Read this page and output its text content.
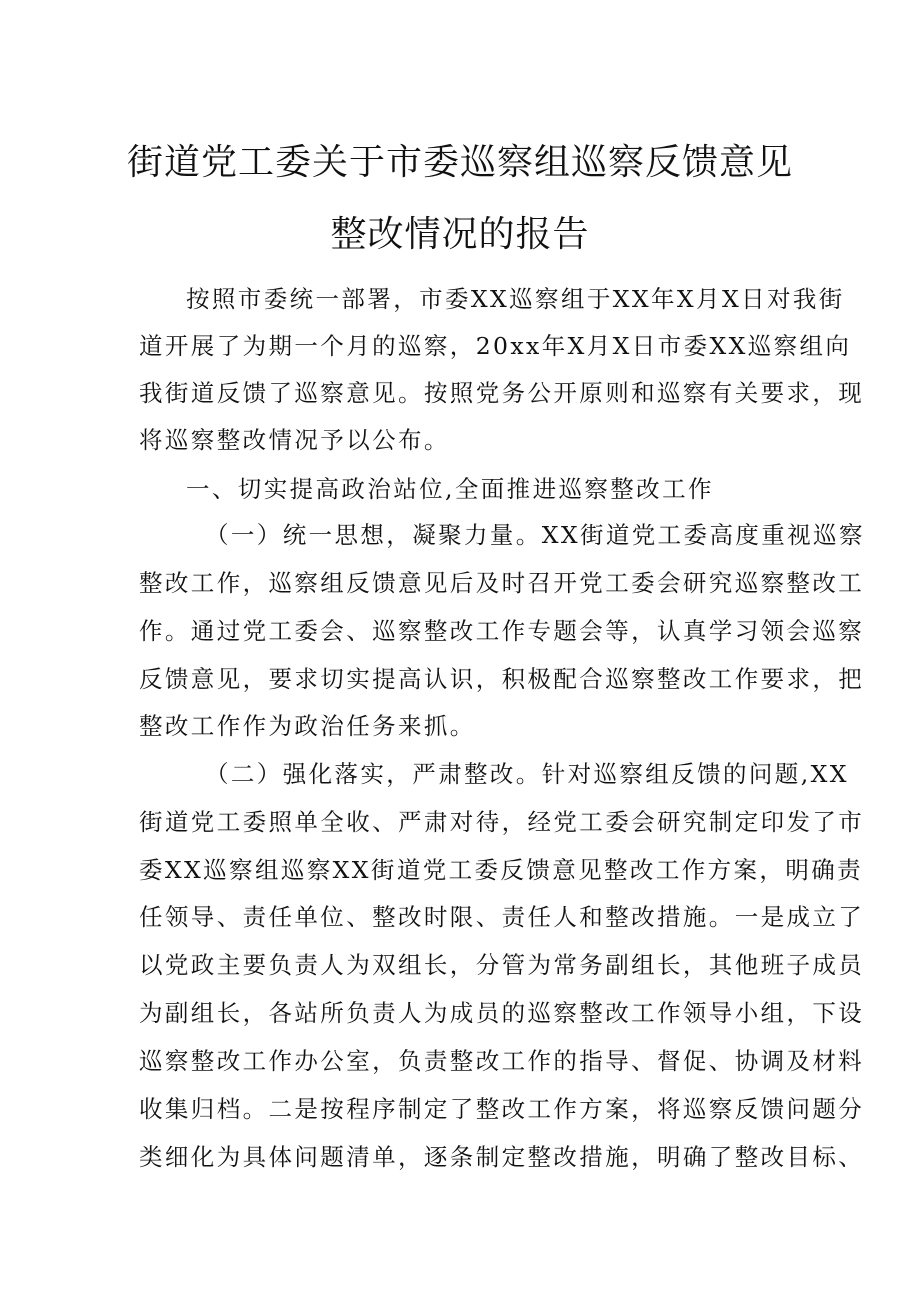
街道党工委关于市委巡察组巡察反馈意见
整改情况的报告
按照市委统一部署，市委XX巡察组于XX年X月X日对我街
道开展了为期一个月的巡察，20xx年X月X日市委XX巡察组向
我街道反馈了巡察意见。按照党务公开原则和巡察有关要求，现
将巡察整改情况予以公布。
一、切实提高政治站位,全面推进巡察整改工作
（一）统一思想，凝聚力量。XX街道党工委高度重视巡察
整改工作，巡察组反馈意见后及时召开党工委会研究巡察整改工
作。通过党工委会、巡察整改工作专题会等，认真学习领会巡察
反馈意见，要求切实提高认识，积极配合巡察整改工作要求，把
整改工作作为政治任务来抓。
（二）强化落实，严肃整改。针对巡察组反馈的问题,XX
街道党工委照单全收、严肃对待，经党工委会研究制定印发了市
委XX巡察组巡察XX街道党工委反馈意见整改工作方案，明确责
任领导、责任单位、整改时限、责任人和整改措施。一是成立了
以党政主要负责人为双组长，分管为常务副组长，其他班子成员
为副组长，各站所负责人为成员的巡察整改工作领导小组，下设
巡察整改工作办公室，负责整改工作的指导、督促、协调及材料
收集归档。二是按程序制定了整改工作方案，将巡察反馈问题分
类细化为具体问题清单，逐条制定整改措施，明确了整改目标、
